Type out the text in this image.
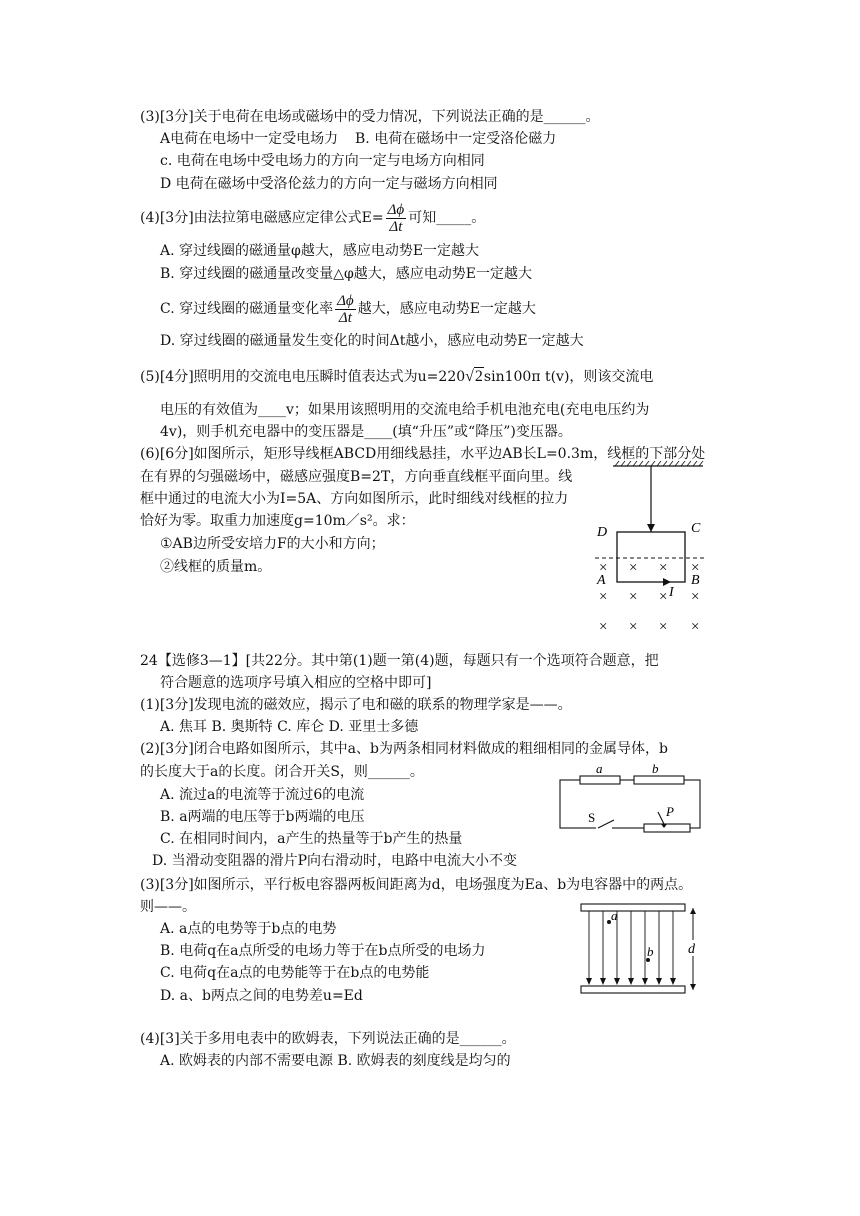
(3)[3分]关于电荷在电场或磁场中的受力情况，下列说法正确的是______。
A电荷在电场中一定受电场力 B. 电荷在磁场中一定受洛伦磁力
c. 电荷在电场中受电场力的方向一定与电场方向相同
D 电荷在磁场中受洛伦兹力的方向一定与磁场方向相同
(4)[3分]由法拉第电磁感应定律公式$E= \frac{\Delta\phi}{\Delta t}$ 可知_____。
A. 穿过线圈的磁通量φ越大，感应电动势E一定越大
B. 穿过线圈的磁通量改变量△φ越大，感应电动势E一定越大
C. 穿过线圈的磁通量变化率 $\frac{\Delta\phi}{\Delta t}$ 越大，感应电动势E一定越大
D. 穿过线圈的磁通量发生变化的时间Δt越小，感应电动势E一定越大
(5)[4分]照明用的交流电电压瞬时值表达式为u=220√2sin100π t(v)，则该交流电
电压的有效值为____v；如果用该照明用的交流电给手机电池充电(充电电压约为
4v)，则手机充电器中的变压器是____(填“升压”或“降压”)变压器。
(6)[6分]如图所示，矩形导线框ABCD用细线悬挂，水平边AB长L=0.3m，线框的下部分处
在有界的匀强磁场中，磁感应强度B=2T，方向垂直线框平面向里。线
框中通过的电流大小为I=5A、方向如图所示，此时细线对线框的拉力
恰好为零。取重力加速度g=10m／s²。求：
①AB边所受安培力F的大小和方向；
②线框的质量m。	× × × ×
× × × ×
× × × ×
D	C
A	B
I
24【选修3—1】[共22分。其中第(1)题一第(4)题，每题只有一个选项符合题意，把
符合题意的选项序号填入相应的空格中即可]
(1)[3分]发现电流的磁效应，揭示了电和磁的联系的物理学家是——。
A. 焦耳 B. 奥斯特 C. 库仑 D. 亚里士多德
(2)[3分]闭合电路如图所示，其中a、b为两条相同材料做成的粗细相同的金属导体，b
的长度大于a的长度。闭合开关S，则______。
A. 流过a的电流等于流过6的电流
B. a两端的电压等于b两端的电压
C. 在相同时间内，a产生的热量等于b产生的热量
D. 当滑动变阻器的滑片P向右滑动时，电路中电流大小不变
a	b
S	P
(3)[3分]如图所示，平行板电容器两板间距离为d，电场强度为Ea、b为电容器中的两点。
则——。
A. a点的电势等于b点的电势
B. 电荷q在a点所受的电场力等于在b点所受的电场力
C. 电荷q在a点的电势能等于在b点的电势能
D. a、b两点之间的电势差u=Ed
a
b d
(4)[3]关于多用电表中的欧姆表，下列说法正确的是______。
A. 欧姆表的内部不需要电源 B. 欧姆表的刻度线是均匀的
